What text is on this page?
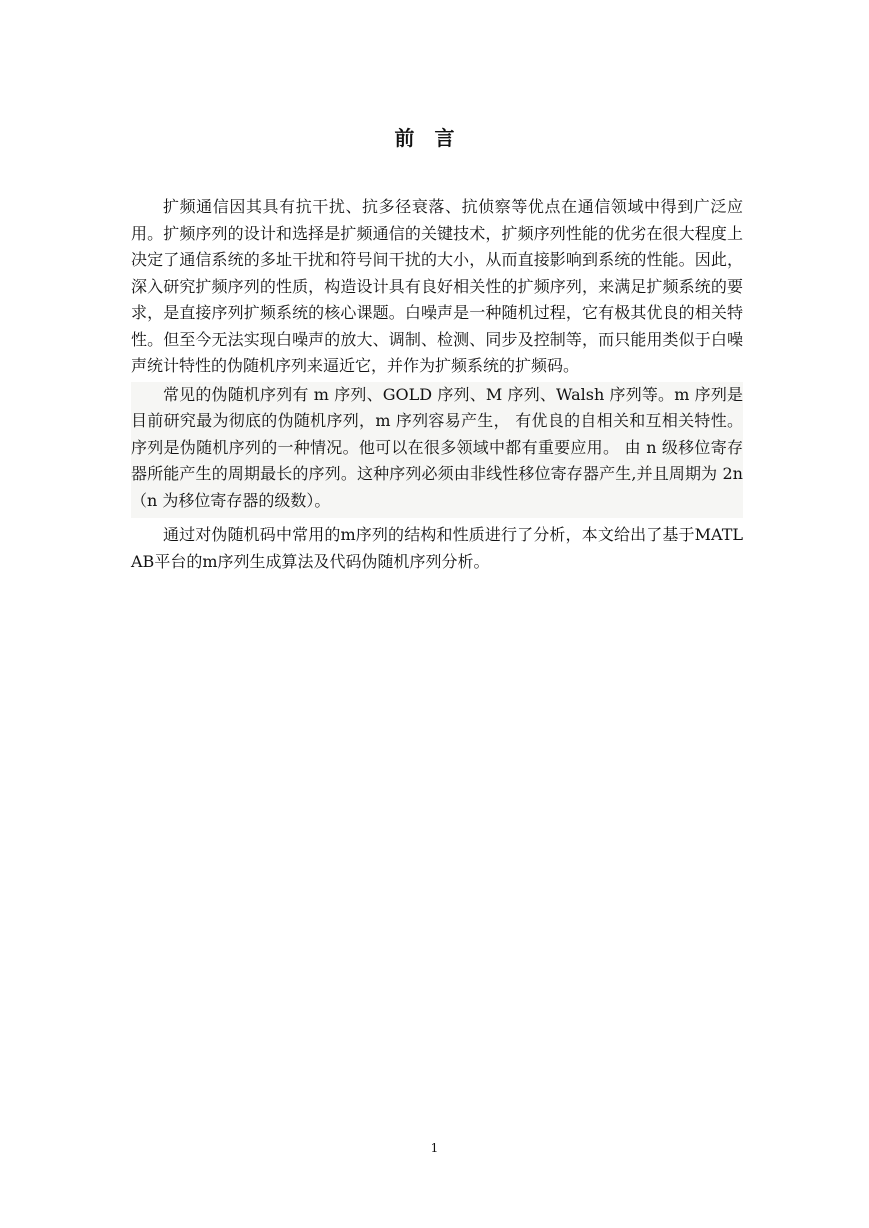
前言

扩频通信因其具有抗干扰、抗多径衰落、抗侦察等优点在通信领域中得到广泛应用。扩频序列的设计和选择是扩频通信的关键技术，扩频序列性能的优劣在很大程度上决定了通信系统的多址干扰和符号间干扰的大小，从而直接影响到系统的性能。因此，深入研究扩频序列的性质，构造设计具有良好相关性的扩频序列，来满足扩频系统的要求，是直接序列扩频系统的核心课题。白噪声是一种随机过程，它有极其优良的相关特性。但至今无法实现白噪声的放大、调制、检测、同步及控制等，而只能用类似于白噪声统计特性的伪随机序列来逼近它，并作为扩频系统的扩频码。

常见的伪随机序列有 m 序列、GOLD 序列、M 序列、Walsh 序列等。m 序列是目前研究最为彻底的伪随机序列，m 序列容易产生， 有优良的自相关和互相关特性。序列是伪随机序列的一种情况。他可以在很多领域中都有重要应用。 由 n 级移位寄存器所能产生的周期最长的序列。这种序列必须由非线性移位寄存器产生,并且周期为 2n（n 为移位寄存器的级数）。

通过对伪随机码中常用的m序列的结构和性质进行了分析，本文给出了基于MATLAB平台的m序列生成算法及代码伪随机序列分析。

1
